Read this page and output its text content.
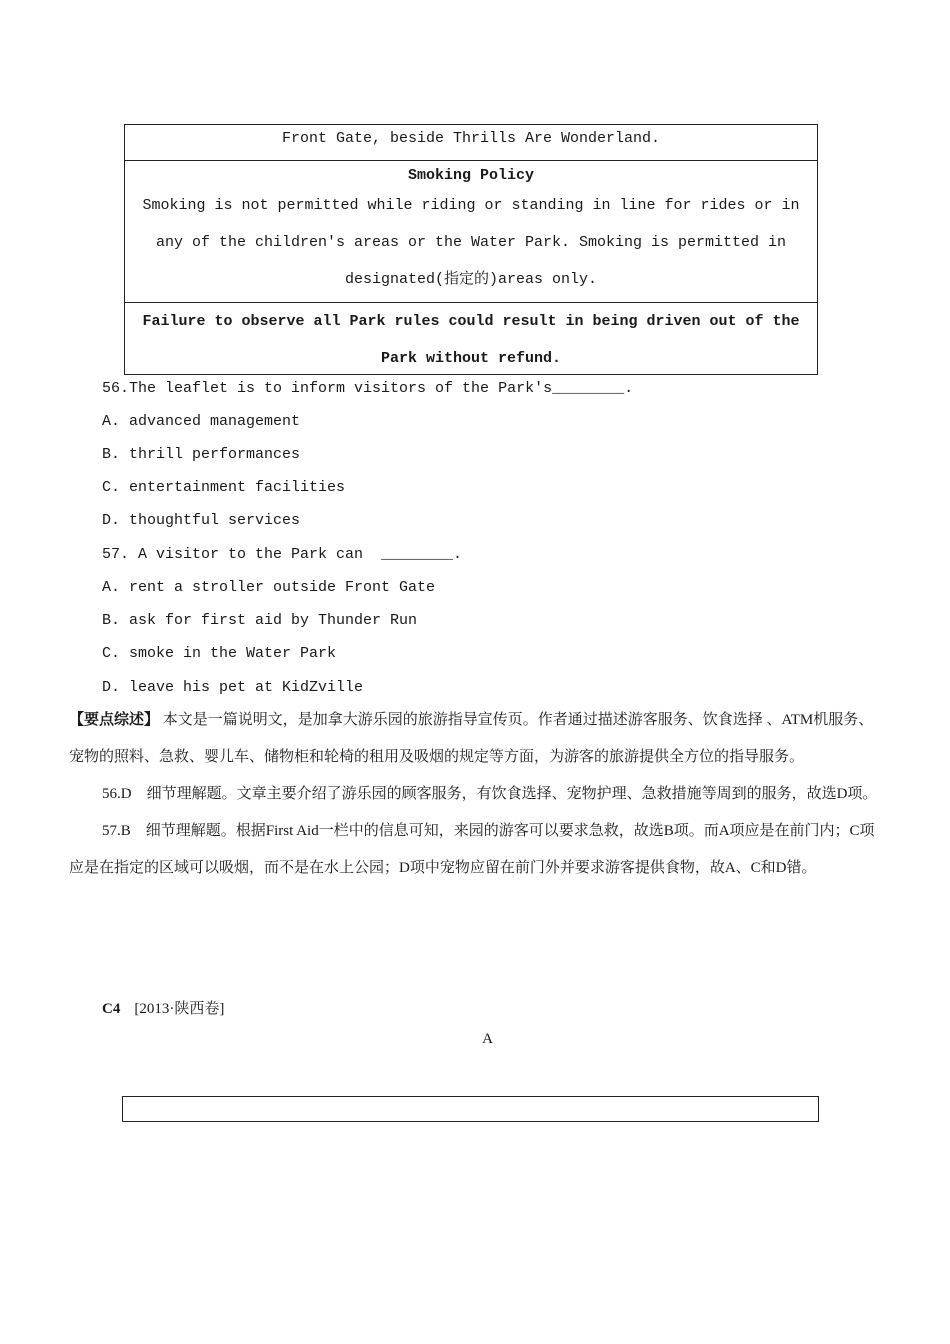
Front Gate, beside Thrills Are Wonderland.
Smoking Policy
Smoking is not permitted while riding or standing in line for rides or in any of the children's areas or the Water Park. Smoking is permitted in designated(指定的)areas only.
Failure to observe all Park rules could result in being driven out of the Park without refund.
56.The leaflet is to inform visitors of the Park's________.
A. advanced management
B. thrill performances
C. entertainment facilities
D. thoughtful services
57. A visitor to the Park can  ________.
A. rent a stroller outside Front Gate
B. ask for first aid by Thunder Run
C. smoke in the Water Park
D. leave his pet at KidZville

【要点综述】 本文是一篇说明文，是加拿大游乐园的旅游指导宣传页。作者通过描述游客服务、饮食选择 、ATM机服务、宠物的照料、急救、婴儿车、储物柜和轮椅的租用及吸烟的规定等方面，为游客的旅游提供全方位的指导服务。

56.D　细节理解题。文章主要介绍了游乐园的顾客服务，有饮食选择、宠物护理、急救措施等周到的服务，故选D项。

57.B　细节理解题。根据First Aid一栏中的信息可知，来园的游客可以要求急救，故选B项。而A项应是在前门内；C项应是在指定的区域可以吸烟，而不是在水上公园；D项中宠物应留在前门外并要求游客提供食物，故A、C和D错。

C4 [2013·陕西卷]
A
